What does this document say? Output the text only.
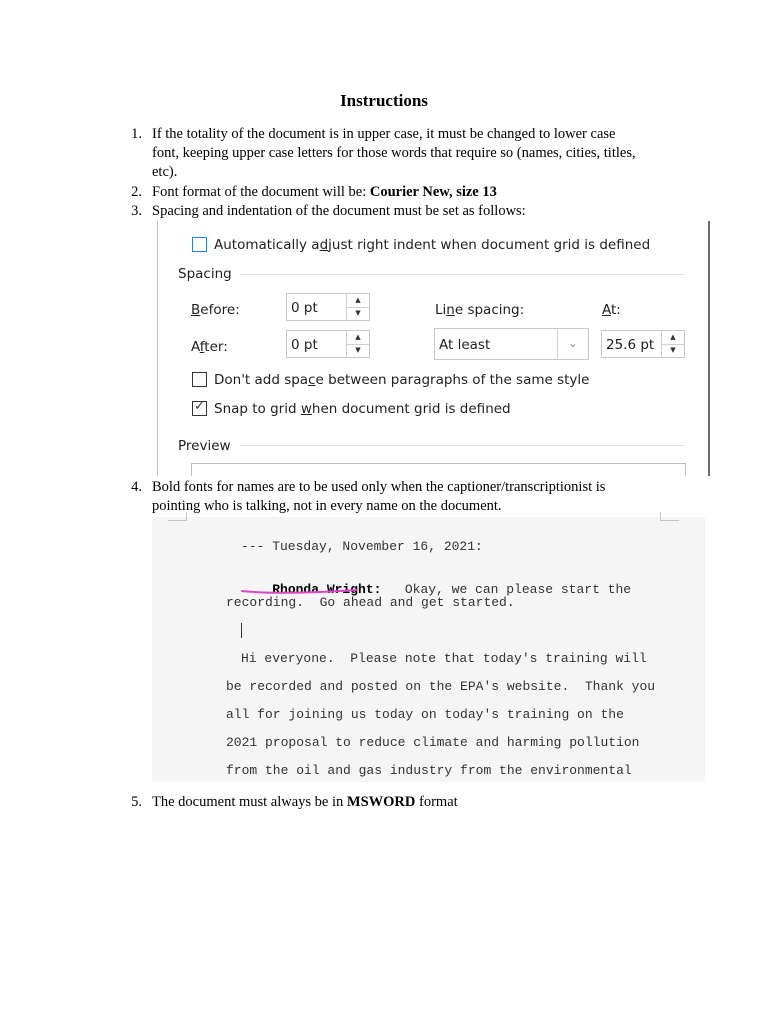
Instructions
1. If the totality of the document is in upper case, it must be changed to lower case
font, keeping upper case letters for those words that require so (names, cities, titles,
etc).
2. Font format of the document will be: Courier New, size 13
3. Spacing and indentation of the document must be set as follows:
Automatically adjust right indent when document grid is defined
Spacing
Before:	0 pt	▲
▼
After:	0 pt	▲
▼
Line spacing:
At least	⌄
At:
25.6 pt	▲
▼
Don't add space between paragraphs of the same style
✓ Snap to grid when document grid is defined
Preview
4. Bold fonts for names are to be used only when the captioner/transcriptionist is
pointing who is talking, not in every name on the document.
--- Tuesday, November 16, 2021:

Rhonda Wright:   Okay, we can please start the

recording.  Go ahead and get started.
Hi everyone.  Please note that today's training will
be recorded and posted on the EPA's website.  Thank you
all for joining us today on today's training on the
2021 proposal to reduce climate and harming pollution
from the oil and gas industry from the environmental
5. The document must always be in MSWORD format
